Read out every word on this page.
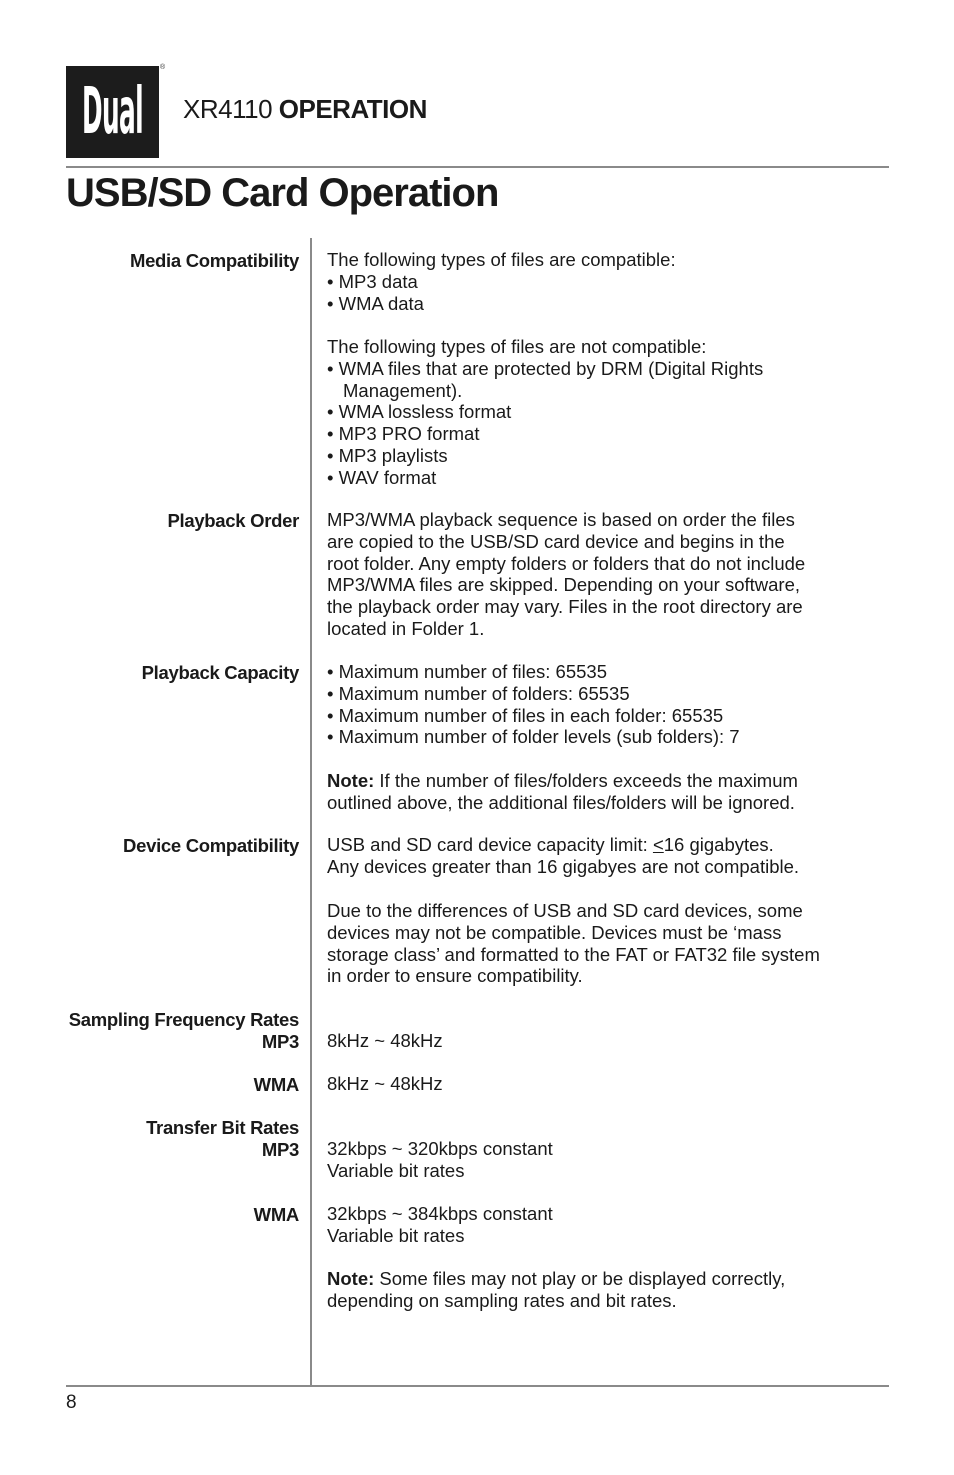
Dual
®
XR4110 OPERATION
USB/SD Card Operation
Media Compatibility The following types of files are compatible:
• MP3 data
• WMA data
The following types of files are not compatible:
• WMA files that are protected by DRM (Digital Rights
Management).
• WMA lossless format
• MP3 PRO format
• MP3 playlists
• WAV format
Playback Order MP3/WMA playback sequence is based on order the files
are copied to the USB/SD card device and begins in the
root folder. Any empty folders or folders that do not include
MP3/WMA files are skipped. Depending on your software,
the playback order may vary. Files in the root directory are
located in Folder 1.
Playback Capacity • Maximum number of files: 65535
• Maximum number of folders: 65535
• Maximum number of files in each folder: 65535
• Maximum number of folder levels (sub folders): 7
Note: If the number of files/folders exceeds the maximum
outlined above, the additional files/folders will be ignored.
Device Compatibility USB and SD card device capacity limit: <16 gigabytes.
Any devices greater than 16 gigabyes are not compatible.
Due to the differences of USB and SD card devices, some
devices may not be compatible. Devices must be ‘mass
storage class’ and formatted to the FAT or FAT32 file system
in order to ensure compatibility.
Sampling Frequency Rates
MP3 8kHz ~ 48kHz
WMA 8kHz ~ 48kHz
Transfer Bit Rates
MP3 32kbps ~ 320kbps constant
Variable bit rates
WMA 32kbps ~ 384kbps constant
Variable bit rates
Note: Some files may not play or be displayed correctly,
depending on sampling rates and bit rates.
8
